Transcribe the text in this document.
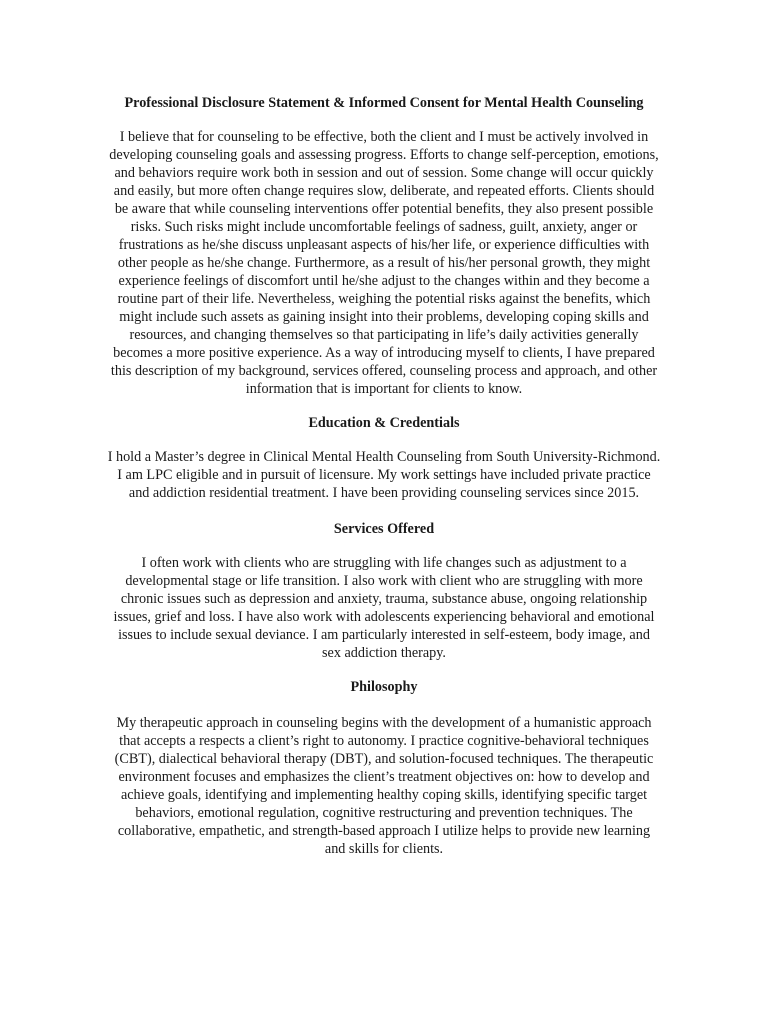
Professional Disclosure Statement & Informed Consent for Mental Health Counseling
I believe that for counseling to be effective, both the client and I must be actively involved in
developing counseling goals and assessing progress. Efforts to change self-perception, emotions,
and behaviors require work both in session and out of session. Some change will occur quickly
and easily, but more often change requires slow, deliberate, and repeated efforts. Clients should
be aware that while counseling interventions offer potential benefits, they also present possible
risks. Such risks might include uncomfortable feelings of sadness, guilt, anxiety, anger or
frustrations as he/she discuss unpleasant aspects of his/her life, or experience difficulties with
other people as he/she change. Furthermore, as a result of his/her personal growth, they might
experience feelings of discomfort until he/she adjust to the changes within and they become a
routine part of their life. Nevertheless, weighing the potential risks against the benefits, which
might include such assets as gaining insight into their problems, developing coping skills and
resources, and changing themselves so that participating in life’s daily activities generally
becomes a more positive experience. As a way of introducing myself to clients, I have prepared
this description of my background, services offered, counseling process and approach, and other
information that is important for clients to know.
Education & Credentials
I hold a Master’s degree in Clinical Mental Health Counseling from South University-Richmond.
I am LPC eligible and in pursuit of licensure. My work settings have included private practice
and addiction residential treatment. I have been providing counseling services since 2015.
Services Offered
I often work with clients who are struggling with life changes such as adjustment to a
developmental stage or life transition. I also work with client who are struggling with more
chronic issues such as depression and anxiety, trauma, substance abuse, ongoing relationship
issues, grief and loss. I have also work with adolescents experiencing behavioral and emotional
issues to include sexual deviance. I am particularly interested in self-esteem, body image, and
sex addiction therapy.
Philosophy
My therapeutic approach in counseling begins with the development of a humanistic approach
that accepts a respects a client’s right to autonomy. I practice cognitive-behavioral techniques
(CBT), dialectical behavioral therapy (DBT), and solution-focused techniques. The therapeutic
environment focuses and emphasizes the client’s treatment objectives on: how to develop and
achieve goals, identifying and implementing healthy coping skills, identifying specific target
behaviors, emotional regulation, cognitive restructuring and prevention techniques. The
collaborative, empathetic, and strength-based approach I utilize helps to provide new learning
and skills for clients.
